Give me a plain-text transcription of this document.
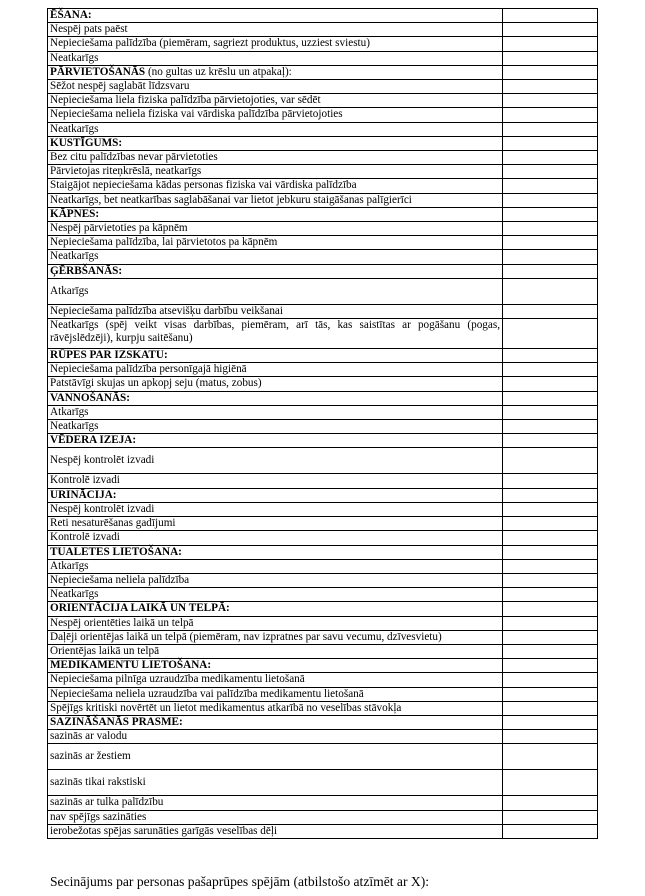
ĒŠANA:	
Nespēj pats paēst	
Nepieciešama palīdzība (piemēram, sagriezt produktus, uzziest sviestu)	
Neatkarīgs	
PĀRVIETOŠANĀS (no gultas uz krēslu un atpakaļ):	
Sēžot nespēj saglabāt līdzsvaru	
Nepieciešama liela fiziska palīdzība pārvietojoties, var sēdēt	
Nepieciešama neliela fiziska vai vārdiska palīdzība pārvietojoties	
Neatkarīgs	
KUSTĪGUMS:	
Bez citu palīdzības nevar pārvietoties	
Pārvietojas riteņkrēslā, neatkarīgs	
Staigājot nepieciešama kādas personas fiziska vai vārdiska palīdzība	
Neatkarīgs, bet neatkarības saglabāšanai var lietot jebkuru staigāšanas palīgierīci	
KĀPNES:	
Nespēj pārvietoties pa kāpnēm	
Nepieciešama palīdzība, lai pārvietotos pa kāpnēm	
Neatkarīgs	
ĢĒRBŠANĀS:	
Atkarīgs	
Nepieciešama palīdzība atsevišķu darbību veikšanai	
Neatkarīgs (spēj veikt visas darbības, piemēram, arī tās, kas saistītas ar pogāšanu (pogas, rāvējslēdzēji), kurpju saitēšanu)	
RŪPES PAR IZSKATU:	
Nepieciešama palīdzība personīgajā higiēnā	
Patstāvīgi skujas un apkopj seju (matus, zobus)	
VANNOŠANĀS:	
Atkarīgs	
Neatkarīgs	
VĒDERA IZEJA:	
Nespēj kontrolēt izvadi	
Kontrolē izvadi	
URINĀCIJA:	
Nespēj kontrolēt izvadi	
Reti nesaturēšanas gadījumi	
Kontrolē izvadi	
TUALETES LIETOŠANA:	
Atkarīgs	
Nepieciešama neliela palīdzība	
Neatkarīgs	
ORIENTĀCIJA LAIKĀ UN TELPĀ:	
Nespēj orientēties laikā un telpā	
Daļēji orientējas laikā un telpā (piemēram, nav izpratnes par savu vecumu, dzīvesvietu)	
Orientējas laikā un telpā	
MEDIKAMENTU LIETOŠANA:	
Nepieciešama pilnīga uzraudzība medikamentu lietošanā	
Nepieciešama neliela uzraudzība vai palīdzība medikamentu lietošanā	
Spējīgs kritiski novērtēt un lietot medikamentus atkarībā no veselības stāvokļa	
SAZINĀŠANĀS PRASME:	
sazinās ar valodu	
sazinās ar žestiem	
sazinās tikai rakstiski	
sazinās ar tulka palīdzību	
nav spējīgs sazināties	
ierobežotas spējas sarunāties garīgās veselības dēļi	
Secinājums par personas pašaprūpes spējām (atbilstošo atzīmēt ar X):
